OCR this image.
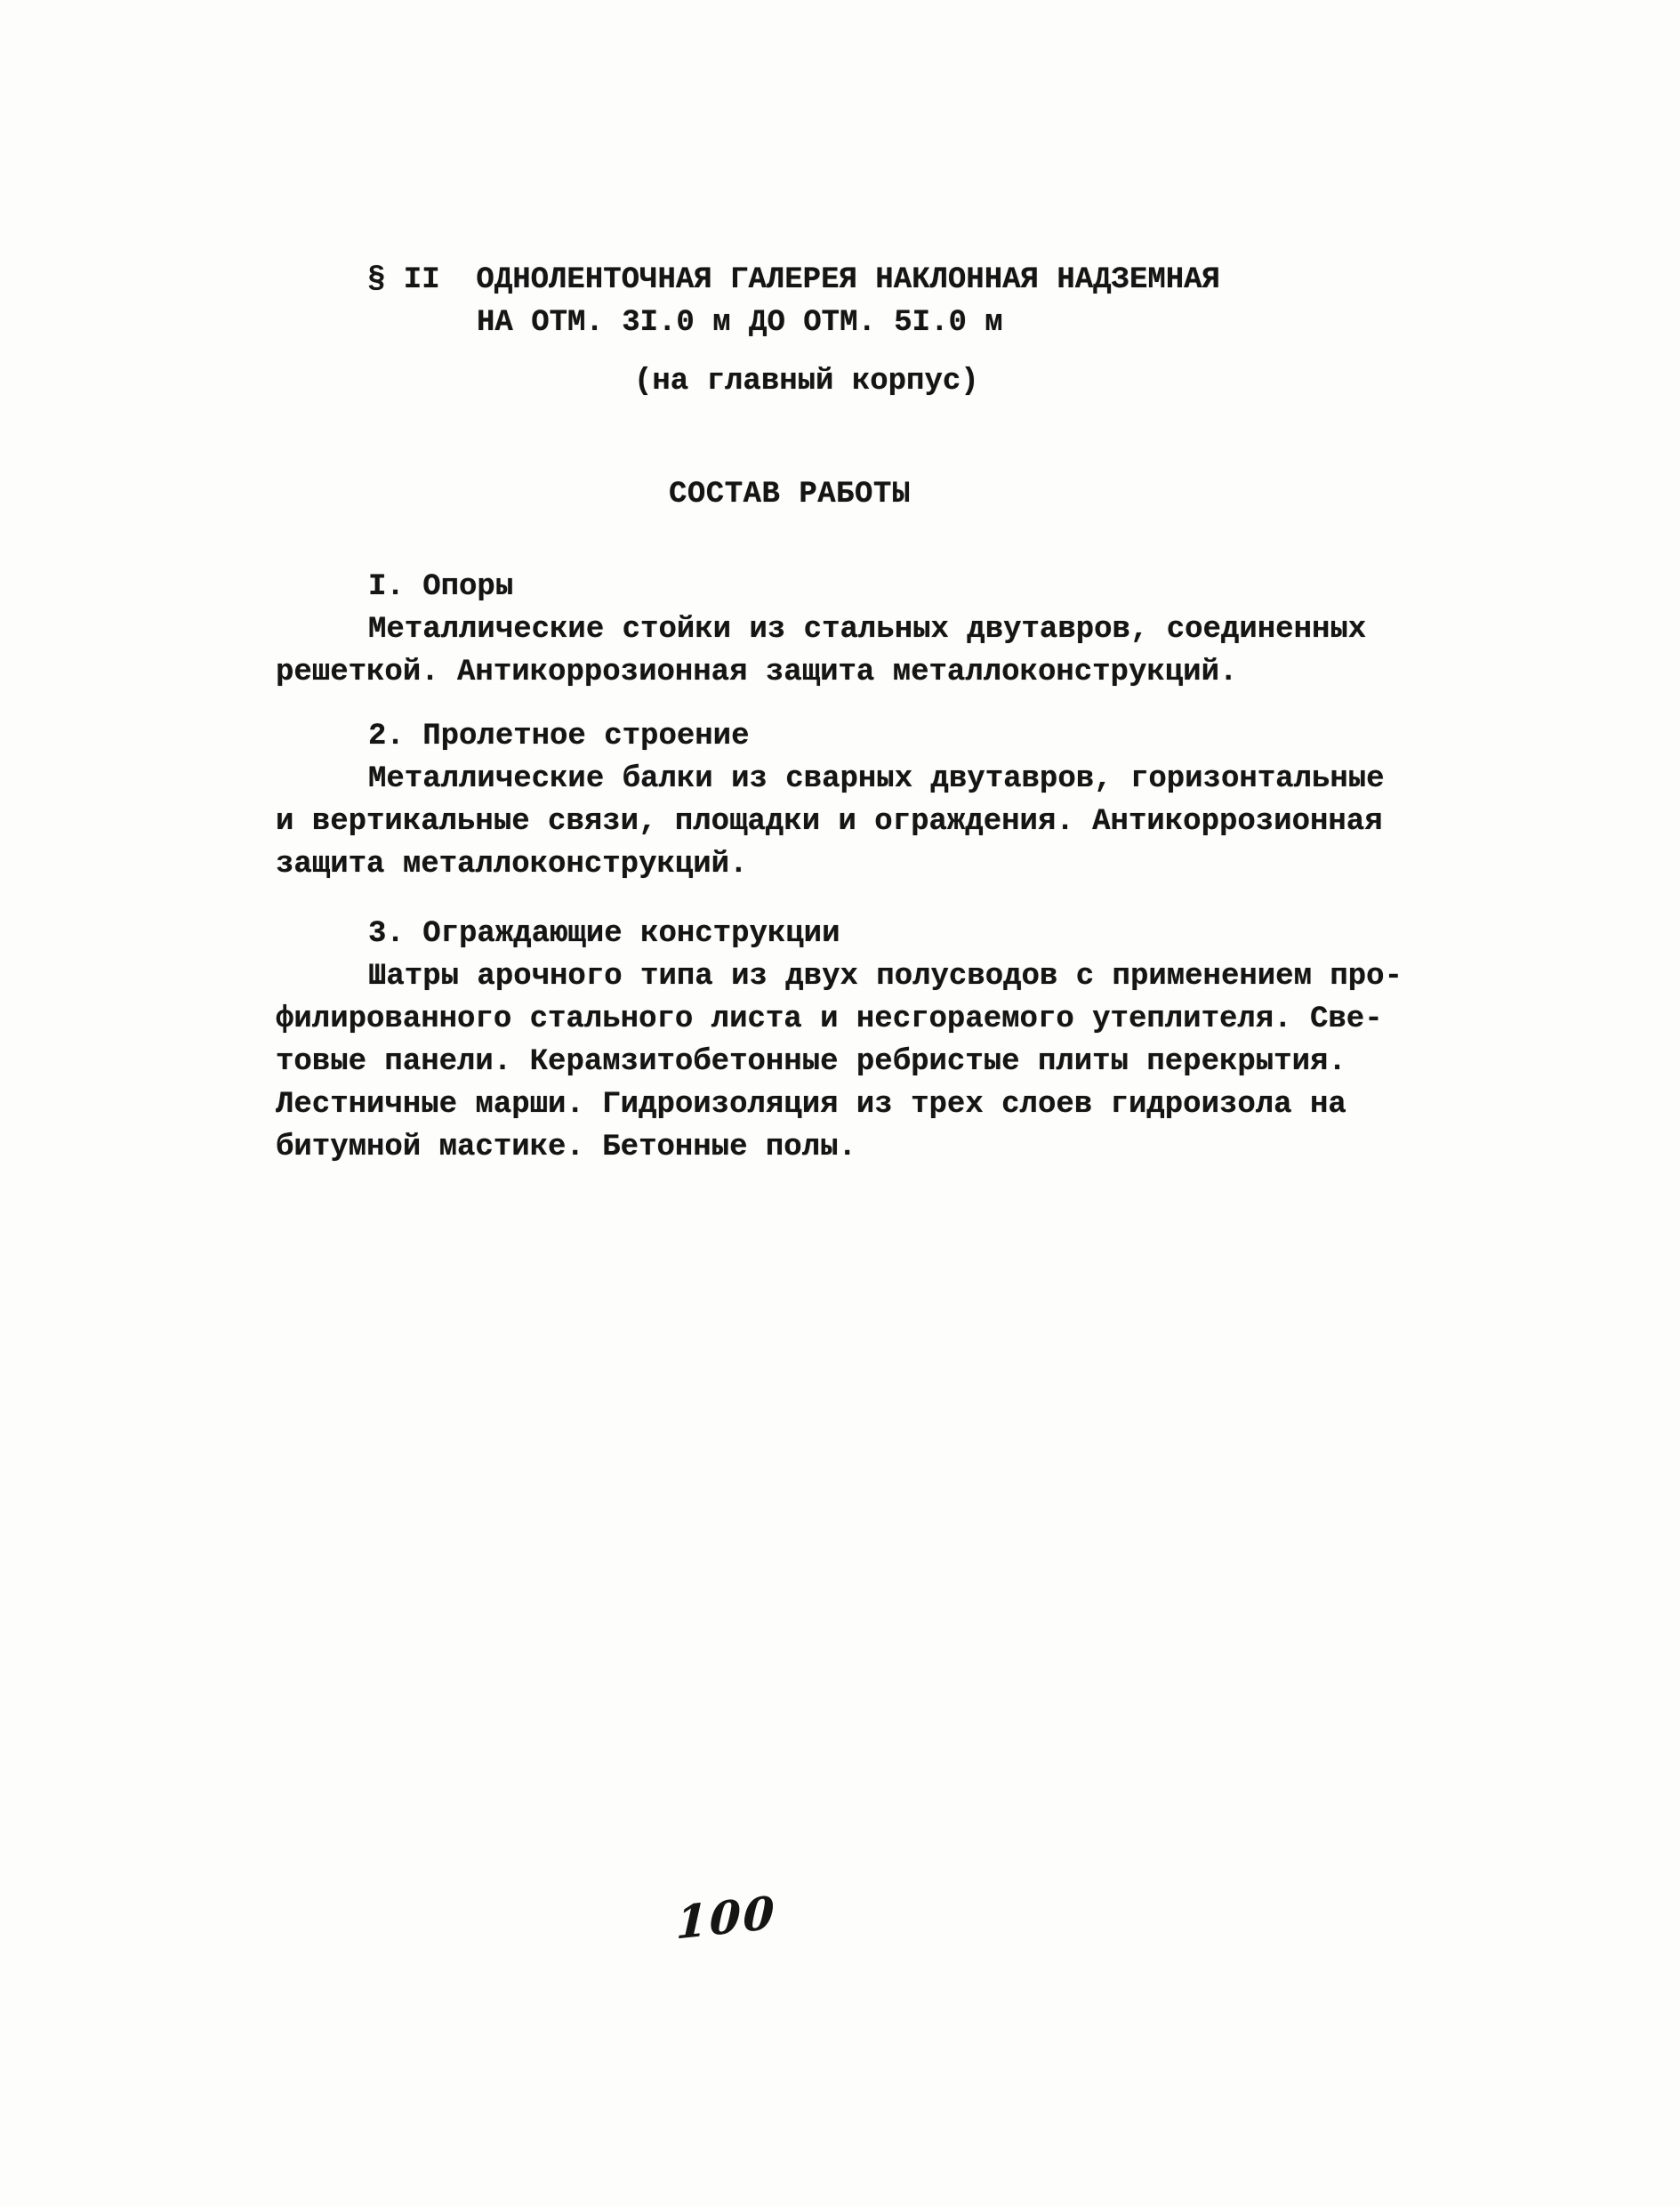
§ II  ОДНОЛЕНТОЧНАЯ ГАЛЕРЕЯ НАКЛОННАЯ НАДЗЕМНАЯ
НА ОТМ. 3I.0 м ДО ОТМ. 5I.0 м
(на главный корпус)
СОСТАВ РАБОТЫ
I. Опоры
Металлические стойки из стальных двутавров, соединенных
решеткой. Антикоррозионная защита металлоконструкций.
2. Пролетное строение
Металлические балки из сварных двутавров, горизонтальные
и вертикальные связи, площадки и ограждения. Антикоррозионная
защита металлоконструкций.
3. Ограждающие конструкции
Шатры арочного типа из двух полусводов с применением про-
филированного стального листа и несгораемого утеплителя. Све-
товые панели. Керамзитобетонные ребристые плиты перекрытия.
Лестничные марши. Гидроизоляция из трех слоев гидроизола на
битумной мастике. Бетонные полы.
100
